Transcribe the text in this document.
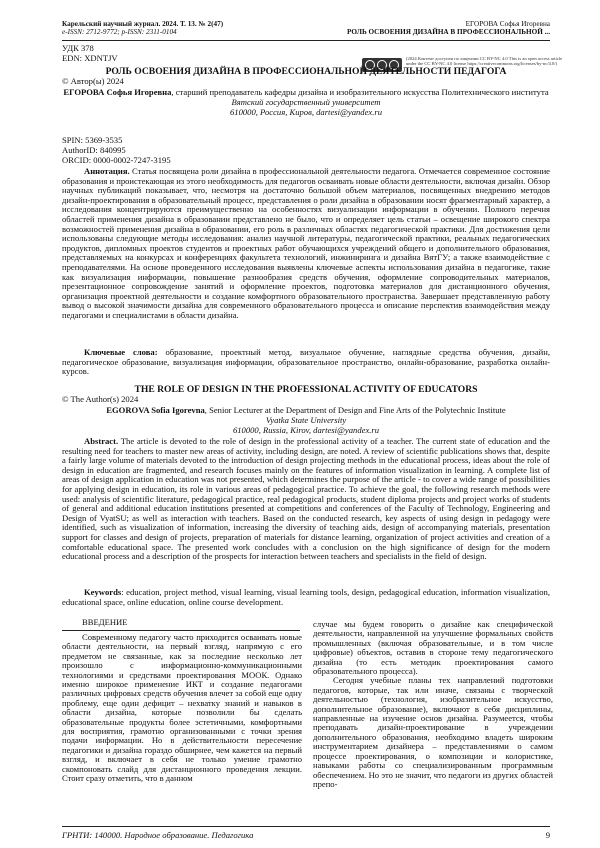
Карельский научный журнал. 2024. Т. 13. № 2(47)
e-ISSN: 2712-9772; p-ISSN: 2311-0104
ЕГОРОВА Софья Игоревна
РОЛЬ ОСВОЕНИЯ ДИЗАЙНА В ПРОФЕССИОНАЛЬНОЙ ...
УДК 378
EDN: XDNTJV	(2024 Контент доступен по лицензии CC BY-NC 4.0 This is an open access article under the CC BY-NC 4.0 license https://creativecommons.org/licenses/by-nc/4.0/)
РОЛЬ ОСВОЕНИЯ ДИЗАЙНА В ПРОФЕССИОНАЛЬНОЙ ДЕЯТЕЛЬНОСТИ ПЕДАГОГА
© Автор(ы) 2024
ЕГОРОВА Софья Игоревна, старший преподаватель кафедры дизайна и изобразительного искусства Политехнического института
Вятский государственный университет
610000, Россия, Киров, dartesi@yandex.ru
SPIN: 5369-3535
AuthorID: 840995
ORCID: 0000-0002-7247-3195
Аннотация. Статья посвящена роли дизайна в профессиональной деятельности педагога. Отмечается современное состояние образования и проистекающая из этого необходимость для педагогов осваивать новые области деятельности, включая дизайн. Обзор научных публикаций показывает, что, несмотря на достаточно большой объем материалов, посвященных внедрению методов дизайн-проектирования в образовательный процесс, представления о роли дизайна в образовании носят фрагментарный характер, а исследования концентрируются преимущественно на особенностях визуализации информации в обучении. Полного перечня областей применения дизайна в образовании представлено не было, что и определяет цель статьи – освещение широкого спектра возможностей применения дизайна в образовании, его роль в различных областях педагогической практики. Для достижения цели использованы следующие методы исследования: анализ научной литературы, педагогической практики, реальных педагогических продуктов, дипломных проектов студентов и проектных работ обучающихся учреждений общего и дополнительного образования, представляемых на конкурсах и конференциях факультета технологий, инжиниринга и дизайна ВятГУ; а также взаимодействие с преподавателями. На основе проведенного исследования выявлены ключевые аспекты использования дизайна в педагогике, такие как визуализация информации, повышение разнообразия средств обучения, оформление сопроводительных материалов, презентационное сопровождение занятий и оформление проектов, подготовка материалов для дистанционного обучения, организация проектной деятельности и создание комфортного образовательного пространства. Завершает представленную работу вывод о высокой значимости дизайна для современного образовательного процесса и описание перспектив взаимодействия между педагогами и специалистами в области дизайна.
Ключевые слова: образование, проектный метод, визуальное обучение, наглядные средства обучения, дизайн, педагогическое образование, визуализация информации, образовательное пространство, онлайн-образование, разработка онлайн-курсов.
THE ROLE OF DESIGN IN THE PROFESSIONAL ACTIVITY OF EDUCATORS
© The Author(s) 2024
EGOROVA Sofia Igorevna, Senior Lecturer at the Department of Design and Fine Arts of the Polytechnic Institute
Vyatka State University
610000, Russia, Kirov, dartesi@yandex.ru
Abstract. The article is devoted to the role of design in the professional activity of a teacher. The current state of education and the resulting need for teachers to master new areas of activity, including design, are noted. A review of scientific publications shows that, despite a fairly large volume of materials devoted to the introduction of design projecting methods in the educational process, ideas about the role of design in education are fragmented, and research focuses mainly on the features of information visualization in learning. A complete list of areas of design application in education was not presented, which determines the purpose of the article - to cover a wide range of possibilities for applying design in education, its role in various areas of pedagogical practice. To achieve the goal, the following research methods were used: analysis of scientific literature, pedagogical practice, real pedagogical products, student diploma projects and project works of students of general and additional education institutions presented at competitions and conferences of the Faculty of Technology, Engineering and Design of VyatSU; as well as interaction with teachers. Based on the conducted research, key aspects of using design in pedagogy were identified, such as visualization of information, increasing the diversity of teaching aids, design of accompanying materials, presentation support for classes and design of projects, preparation of materials for distance learning, organization of project activities and creation of a comfortable educational space. The presented work concludes with a conclusion on the high significance of design for the modern educational process and a description of the prospects for interaction between teachers and specialists in the field of design.
Keywords: education, project method, visual learning, visual learning tools, design, pedagogical education, information visualization, educational space, online education, online course development.
ВВЕДЕНИЕ
Современному педагогу часто приходится осваивать новые области деятельности, на первый взгляд, напрямую с его предметом не связанные, как за последние несколько лет произошло с информационно-коммуникационными технологиями и средствами проектирования МООК. Однако именно широкое применение ИКТ и создание педагогами различных цифровых средств обучения влечет за собой еще одну проблему, еще один дефицит – нехватку знаний и навыков в области дизайна, которые позволили бы сделать образовательные продукты более эстетичными, комфортными для восприятия, грамотно организованными с точки зрения подачи информации. Но в действительности пересечение педагогики и дизайна гораздо обширнее, чем кажется на первый взгляд, и включает в себя не только умение грамотно скомпоновать слайд для дистанционного проведения лекции. Стоит сразу отметить, что в данном
случае мы будем говорить о дизайне как специфической деятельности, направленной на улучшение формальных свойств промышленных (включая образовательные, и в том числе цифровые) объектов, оставив в стороне тему педагогического дизайна (то есть методик проектирования самого образовательного процесса).
Сегодня учебные планы тех направлений подготовки педагогов, которые, так или иначе, связаны с творческой деятельностью (технология, изобразительное искусство, дополнительное образование), включают в себя дисциплины, направленные на изучение основ дизайна. Разумеется, чтобы преподавать дизайн-проектирование в учреждении дополнительного образования, необходимо владеть широким инструментарием дизайнера – представлениями о самом процессе проектирования, о композиции и колористике, навыками работы со специализированным программным обеспечением. Но это не значит, что педагоги из других областей препо-
ГРНТИ: 140000. Народное образование. Педагогика	9
